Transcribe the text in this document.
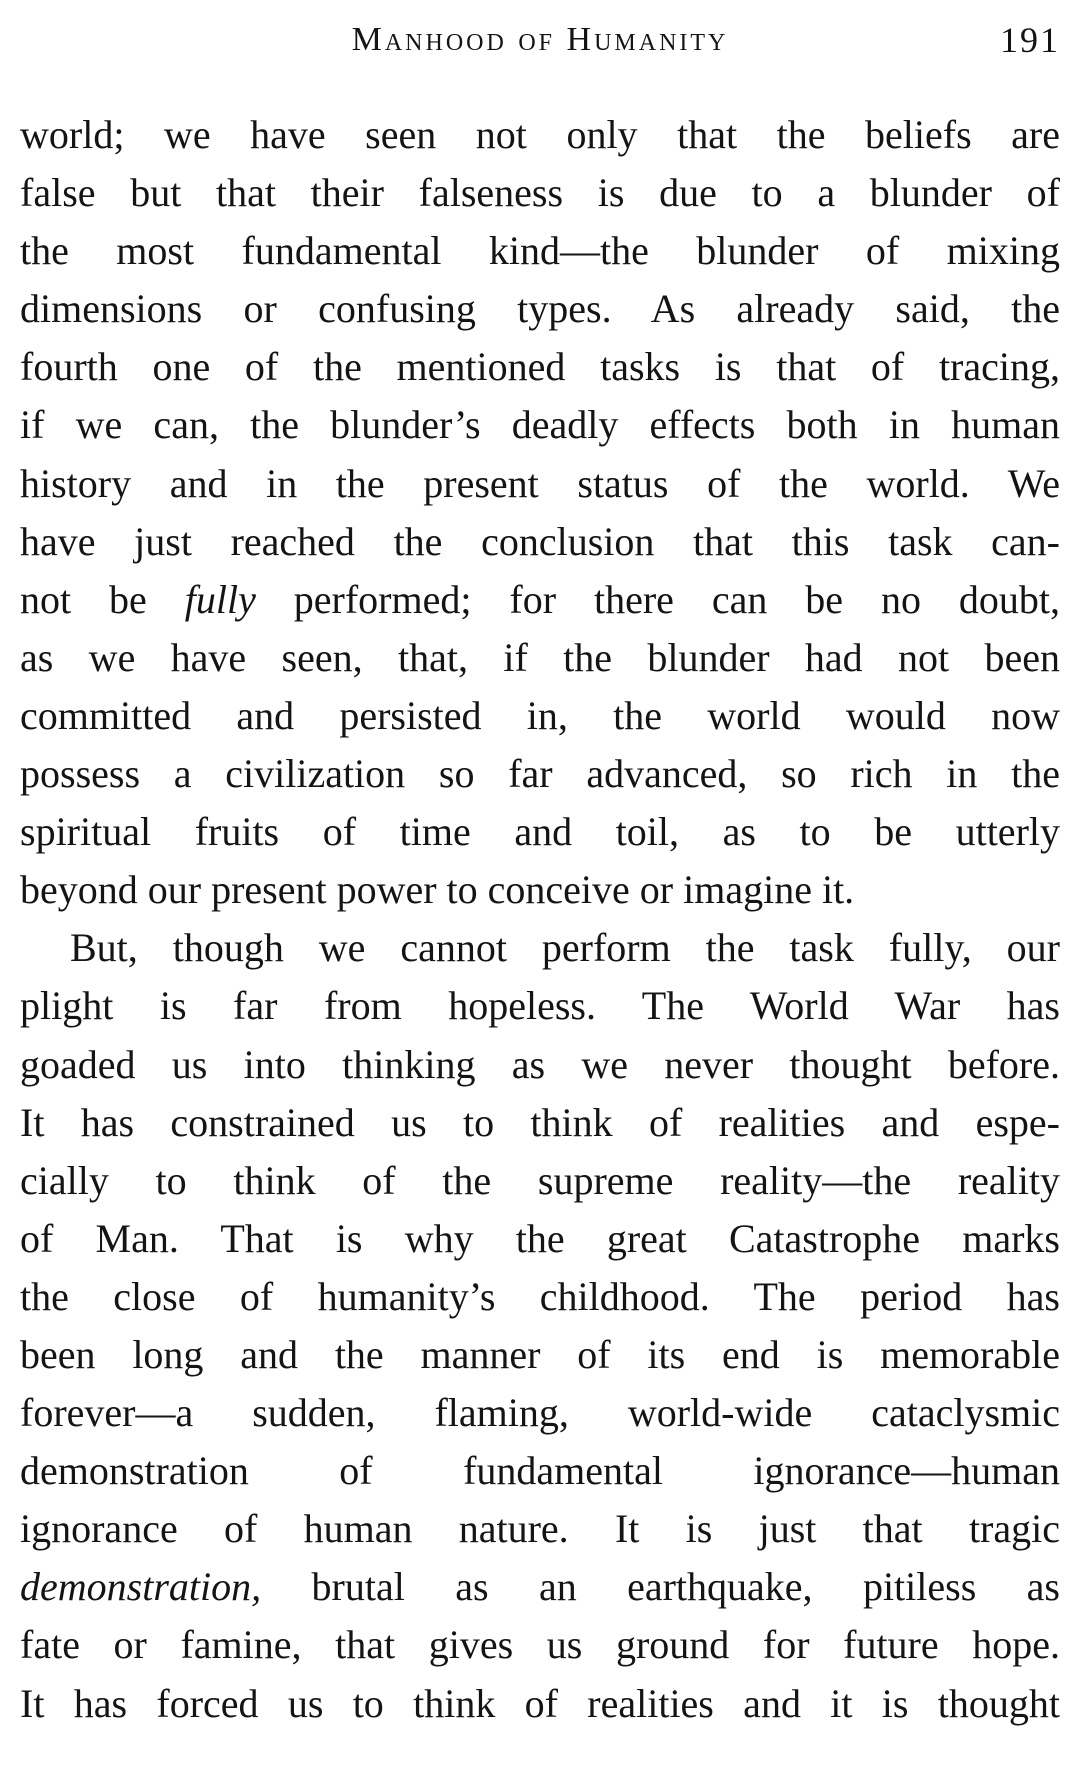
Manhood of Humanity	191
world; we have seen not only that the beliefs are
false but that their falseness is due to a blunder of
the most fundamental kind—the blunder of mixing
dimensions or confusing types. As already said, the
fourth one of the mentioned tasks is that of tracing,
if we can, the blunder’s deadly effects both in human
history and in the present status of the world. We
have just reached the conclusion that this task can-
not be fully performed; for there can be no doubt,
as we have seen, that, if the blunder had not been
committed and persisted in, the world would now
possess a civilization so far advanced, so rich in the
spiritual fruits of time and toil, as to be utterly
beyond our present power to conceive or imagine it.
But, though we cannot perform the task fully, our
plight is far from hopeless. The World War has
goaded us into thinking as we never thought before.
It has constrained us to think of realities and espe-
cially to think of the supreme reality—the reality
of Man. That is why the great Catastrophe marks
the close of humanity’s childhood. The period has
been long and the manner of its end is memorable
forever—a sudden, flaming, world-wide cataclysmic
demonstration of fundamental ignorance—human
ignorance of human nature. It is just that tragic
demonstration, brutal as an earthquake, pitiless as
fate or famine, that gives us ground for future hope.
It has forced us to think of realities and it is thought
